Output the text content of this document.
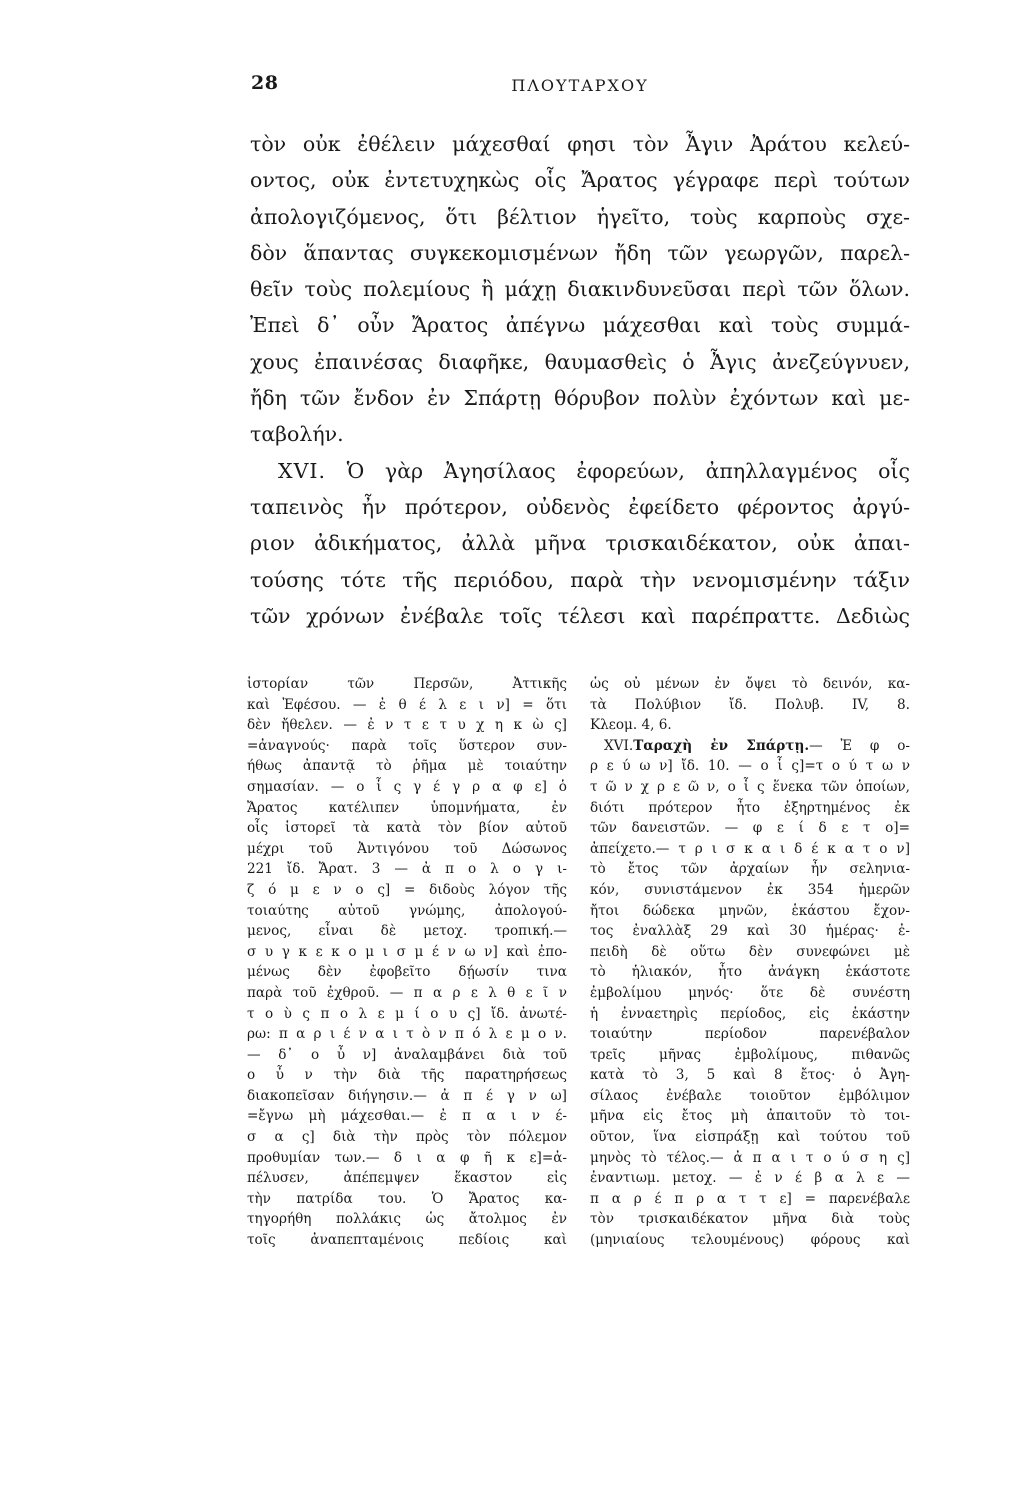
28	ΠΛΟΥΤΑΡΧΟΥ
τὸν οὐκ ἐθέλειν μάχεσθαί φησι τὸν Ἆγιν Ἀράτου κελεύ-
οντος, οὐκ ἐντετυχηκὼς οἷς Ἄρατος γέγραφε περὶ τούτων
ἀπολογιζόμενος, ὅτι βέλτιον ἡγεῖτο, τοὺς καρποὺς σχε-
δὸν ἅπαντας συγκεκομισμένων ἤδη τῶν γεωργῶν, παρελ-
θεῖν τοὺς πολεμίους ἢ μάχῃ διακινδυνεῦσαι περὶ τῶν ὅλων.
Ἐπεὶ δ᾽ οὖν Ἄρατος ἀπέγνω μάχεσθαι καὶ τοὺς συμμά-
χους ἐπαινέσας διαφῆκε, θαυμασθεὶς ὁ Ἆγις ἀνεζεύγνυεν,
ἤδη τῶν ἔνδον ἐν Σπάρτῃ θόρυβον πολὺν ἐχόντων καὶ με-
ταβολήν.
XVI. Ὁ γὰρ Ἀγησίλαος ἐφορεύων, ἀπηλλαγμένος οἷς
ταπεινὸς ἦν πρότερον, οὐδενὸς ἐφείδετο φέροντος ἀργύ-
ριον ἀδικήματος, ἀλλὰ μῆνα τρισκαιδέκατον, οὐκ ἀπαι-
τούσης τότε τῆς περιόδου, παρὰ τὴν νενομισμένην τάξιν
τῶν χρόνων ἐνέβαλε τοῖς τέλεσι καὶ παρέπραττε. Δεδιὼς
ἱστορίαν τῶν Περσῶν, Ἀττικῆς
καὶ Ἐφέσου. — ἐ θ έ λ ε ι ν] = ὅτι
δὲν ἤθελεν. — ἐ ν τ ε τ υ χ η κ ὼ ς]
=ἀναγνούς· παρὰ τοῖς ὕστερον συν-
ήθως ἀπαντᾷ τὸ ῥῆμα μὲ τοιαύτην
σημασίαν. — ο ἷ ς γ έ γ ρ α φ ε] ὁ
Ἄρατος κατέλιπεν ὑπομνήματα, ἐν
οἷς ἱστορεῖ τὰ κατὰ τὸν βίον αὐτοῦ
μέχρι τοῦ Ἀντιγόνου τοῦ Δώσωνος
221 ἴδ. Ἄρατ. 3 — ἀ π ο λ ο γ ι-
ζ ό μ ε ν ο ς] = διδοὺς λόγον τῆς
τοιαύτης αὐτοῦ γνώμης, ἀπολογού-
μενος, εἶναι δὲ μετοχ. τροπική.—
σ υ γ κ ε κ ο μ ι σ μ έ ν ω ν] καὶ ἐπο-
μένως δὲν ἐφοβεῖτο δῄωσίν τινα
παρὰ τοῦ ἐχθροῦ. — π α ρ ε λ θ ε ῖ ν
τ ο ὺ ς π ο λ ε μ ί ο υ ς] ἴδ. ἀνωτέ-
ρω: π α ρ ι έ ν α ι τ ὸ ν π ό λ ε μ ο ν.
— δ᾽ ο ὖ ν] ἀναλαμβάνει διὰ τοῦ
ο ὖ ν τὴν διὰ τῆς παρατηρήσεως
διακοπεῖσαν διήγησιν.— ἀ π έ γ ν ω]
=ἔγνω μὴ μάχεσθαι.— ἐ π α ι ν έ-
σ α ς] διὰ τὴν πρὸς τὸν πόλεμον
προθυμίαν των.— δ ι α φ ῆ κ ε]=ἀ-
πέλυσεν, ἀπέπεμψεν ἕκαστον εἰς
τὴν πατρίδα του. Ὁ Ἄρατος κα-
τηγορήθη πολλάκις ὡς ἄτολμος ἐν
τοῖς ἀναπεπταμένοις πεδίοις καὶ
ὡς οὐ μένων ἐν ὄψει τὸ δεινόν, κα-
τὰ Πολύβιον ἴδ. Πολυβ. IV, 8.
Κλεομ. 4, 6.
XVI.Ταραχὴ ἐν Σπάρτῃ.— Ἐ φ ο-
ρ ε ύ ω ν] ἴδ. 10. — ο ἷ ς]=τ ο ύ τ ω ν
τ ῶ ν χ ρ ε ῶ ν, ο ἷ ς ἕνεκα τῶν ὁποίων,
διότι πρότερον ἦτο ἐξηρτημένος ἐκ
τῶν δανειστῶν. — φ ε ί δ ε τ ο]=
ἀπείχετο.— τ ρ ι σ κ α ι δ έ κ α τ ο ν]
τὸ ἔτος τῶν ἀρχαίων ἦν σεληνια-
κόν, συνιστάμενον ἐκ 354 ἡμερῶν
ἤτοι δώδεκα μηνῶν, ἑκάστου ἔχον-
τος ἐναλλὰξ 29 καὶ 30 ἡμέρας· ἐ-
πειδὴ δὲ οὕτω δὲν συνεφώνει μὲ
τὸ ἡλιακόν, ἦτο ἀνάγκη ἑκάστοτε
ἐμβολίμου μηνός· ὅτε δὲ συνέστη
ἡ ἐνναετηρὶς περίοδος, εἰς ἑκάστην
τοιαύτην περίοδον παρενέβαλον
τρεῖς μῆνας ἐμβολίμους, πιθανῶς
κατὰ τὸ 3, 5 καὶ 8 ἔτος· ὁ Ἀγη-
σίλαος ἐνέβαλε τοιοῦτον ἐμβόλιμον
μῆνα εἰς ἔτος μὴ ἀπαιτοῦν τὸ τοι-
οῦτον, ἵνα εἰσπράξῃ καὶ τούτου τοῦ
μηνὸς τὸ τέλος.— ἀ π α ι τ ο ύ σ η ς]
ἐναντιωμ. μετοχ. — ἐ ν έ β α λ ε —
π α ρ έ π ρ α τ τ ε] = παρενέβαλε
τὸν τρισκαιδέκατον μῆνα διὰ τοὺς
(μηνιαίους τελουμένους) φόρους καὶ
